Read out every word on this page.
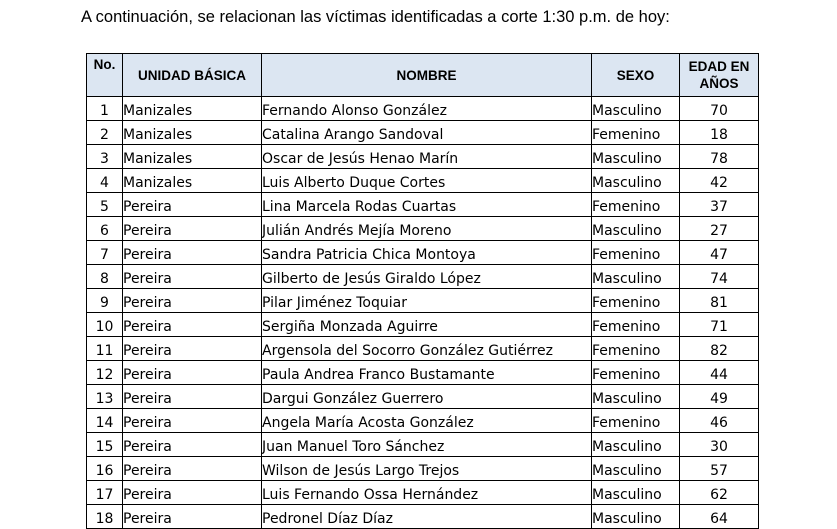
A continuación, se relacionan las víctimas identificadas a corte 1:30 p.m. de hoy:

No.	UNIDAD BÁSICA	NOMBRE	SEXO	EDAD EN
AÑOS
1	Manizales	Fernando Alonso González	Masculino	70
2	Manizales	Catalina Arango Sandoval	Femenino	18
3	Manizales	Oscar de Jesús Henao Marín	Masculino	78
4	Manizales	Luis Alberto Duque Cortes	Masculino	42
5	Pereira	Lina Marcela Rodas Cuartas	Femenino	37
6	Pereira	Julián Andrés Mejía Moreno	Masculino	27
7	Pereira	Sandra Patricia Chica Montoya	Femenino	47
8	Pereira	Gilberto de Jesús Giraldo López	Masculino	74
9	Pereira	Pilar Jiménez Toquiar	Femenino	81
10	Pereira	Sergiña Monzada Aguirre	Femenino	71
11	Pereira	Argensola del Socorro González Gutiérrez	Femenino	82
12	Pereira	Paula Andrea Franco Bustamante	Femenino	44
13	Pereira	Dargui González Guerrero	Masculino	49
14	Pereira	Angela María Acosta González	Femenino	46
15	Pereira	Juan Manuel Toro Sánchez	Masculino	30
16	Pereira	Wilson de Jesús Largo Trejos	Masculino	57
17	Pereira	Luis Fernando Ossa Hernández	Masculino	62
18	Pereira	Pedronel Díaz Díaz	Masculino	64
